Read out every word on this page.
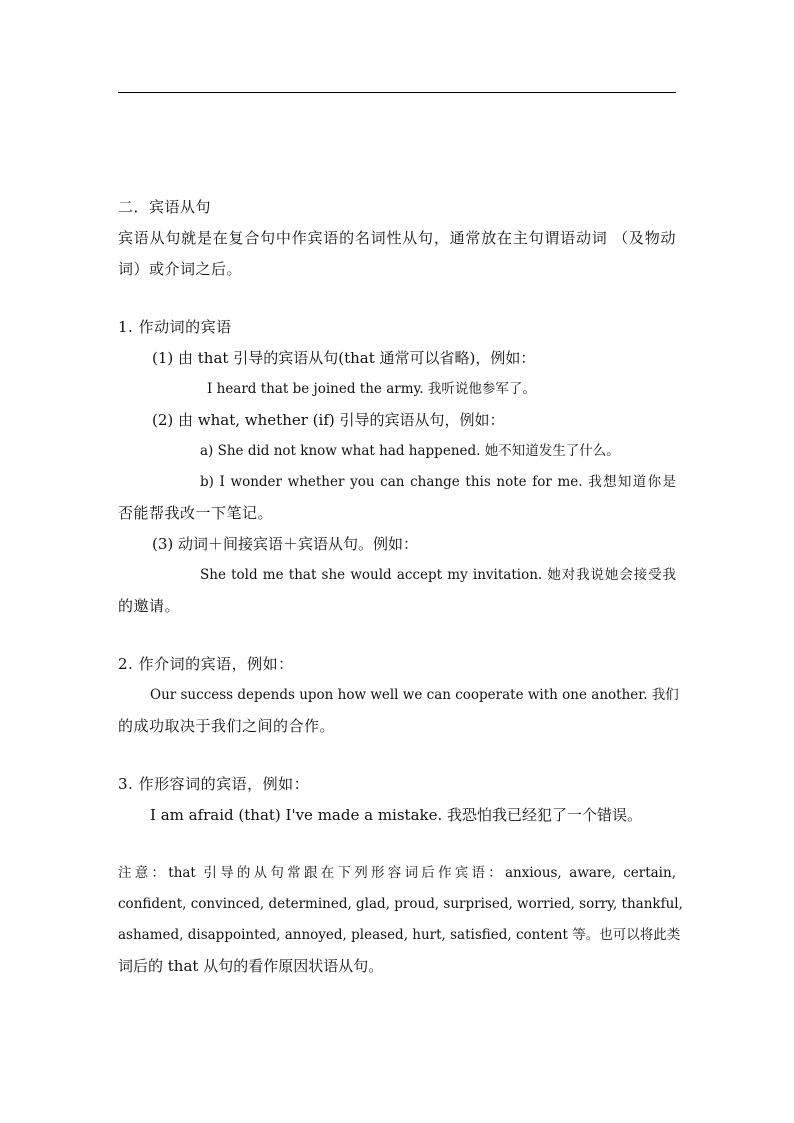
二．宾语从句
宾语从句就是在复合句中作宾语的名词性从句，通常放在主句谓语动词 （及物动
词）或介词之后。
1. 作动词的宾语
(1) 由 that 引导的宾语从句(that 通常可以省略)，例如：
I heard that be joined the army. 我听说他参军了。
(2) 由 what, whether (if) 引导的宾语从句，例如：
a) She did not know what had happened. 她不知道发生了什么。
b) I wonder whether you can change this note for me. 我想知道你是
否能帮我改一下笔记。
(3) 动词＋间接宾语＋宾语从句。例如：
She told me that she would accept my invitation. 她对我说她会接受我
的邀请。
2. 作介词的宾语，例如：
Our success depends upon how well we can cooperate with one another. 我们
的成功取决于我们之间的合作。
3. 作形容词的宾语，例如：
I am afraid (that) I've made a mistake. 我恐怕我已经犯了一个错误。
注意：that 引导的从句常跟在下列形容词后作宾语：anxious, aware, certain,
confident, convinced, determined, glad, proud, surprised, worried, sorry, thankful,
ashamed, disappointed, annoyed, pleased, hurt, satisfied, content 等。也可以将此类
词后的 that 从句的看作原因状语从句。
